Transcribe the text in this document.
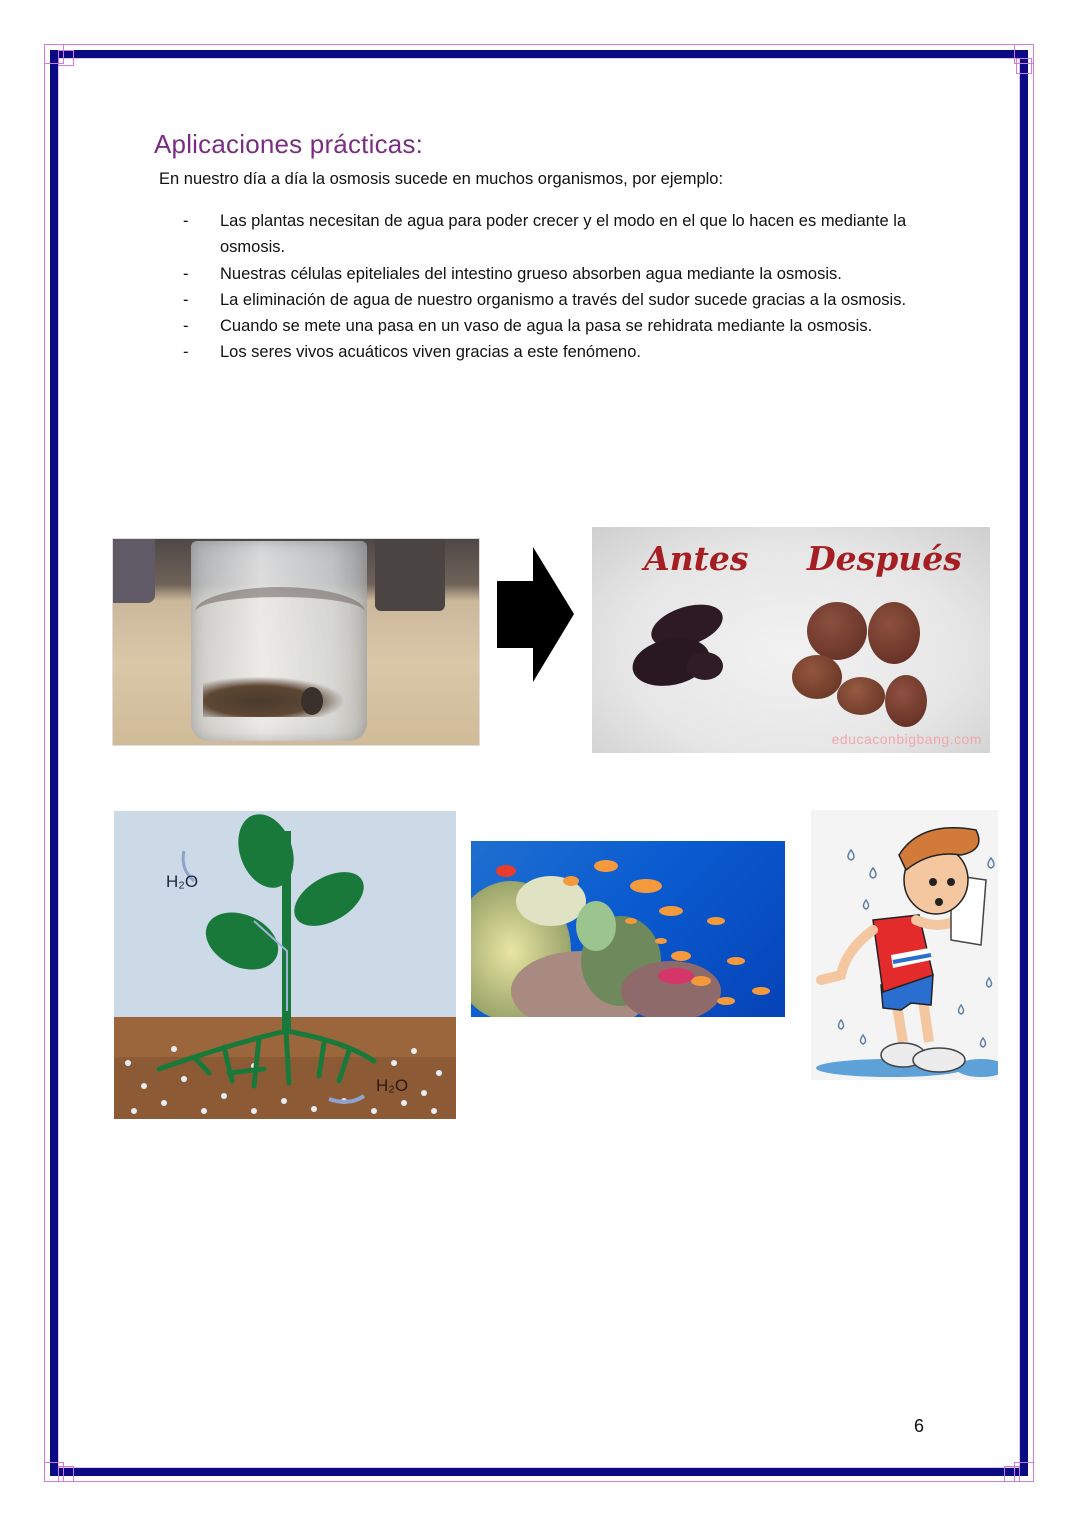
Aplicaciones prácticas:
En nuestro día a día la osmosis sucede en muchos organismos, por ejemplo:
- Las plantas necesitan de agua para poder crecer y el modo en el que lo hacen es mediante la osmosis.
- Nuestras células epiteliales del intestino grueso absorben agua mediante la osmosis.
- La eliminación de agua de nuestro organismo a través del sudor sucede gracias a la osmosis.
- Cuando se mete una pasa en un vaso de agua la pasa se rehidrata mediante la osmosis.
- Los seres vivos acuáticos viven gracias a este fenómeno.
Antes Después
educaconbigbang.com
H₂O
H₂O
6
